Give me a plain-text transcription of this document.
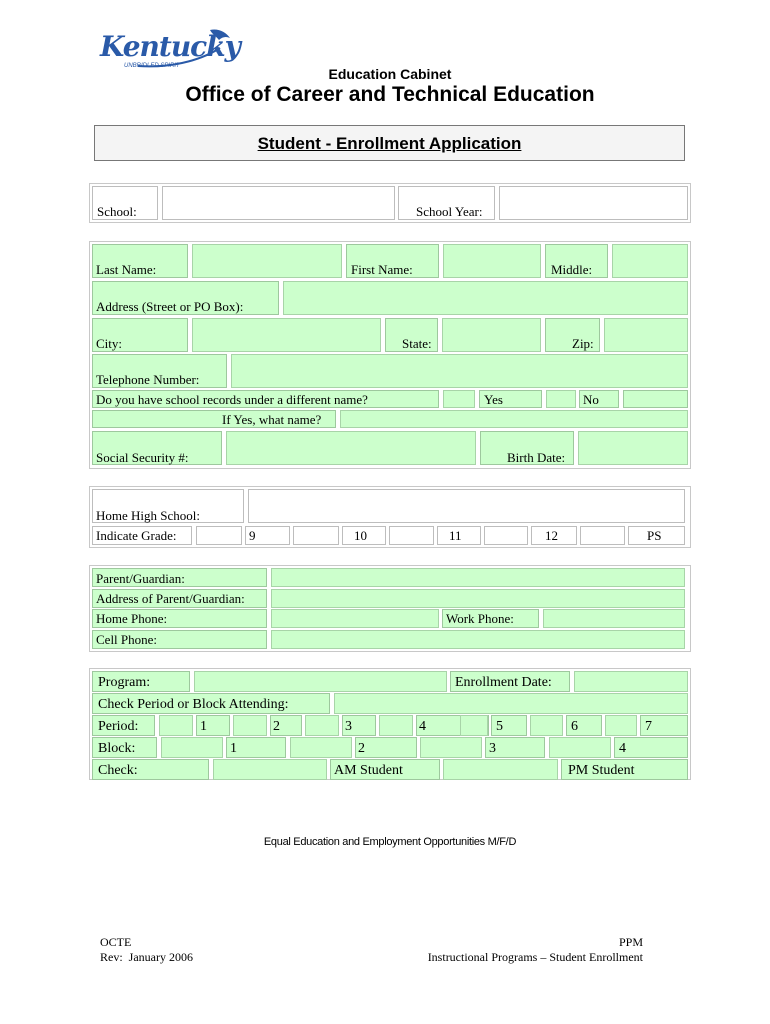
Kentucky
UNBRIDLED SPIRIT	Education Cabinet
Office of Career and Technical Education
Student - Enrollment Application
School:	School Year:
Last Name:	First Name:	Middle:
Address (Street or PO Box):
City:	State:	Zip:
Telephone Number:
Do you have school records under a different name?	Yes	No
If Yes, what name?
Social Security #:	Birth Date:
Home High School:
Indicate Grade:	9	10	11	12	PS
Parent/Guardian:
Address of Parent/Guardian:
Home Phone:	Work Phone:
Cell Phone:
Program:	Enrollment Date:
Check Period or Block Attending:
Period:	1	2	3	4	5	6	7
Block:	1	2	3	4
Check:	AM Student	PM Student
Equal Education and Employment Opportunities M/F/D
OCTE
Rev:  January 2006
PPM
Instructional Programs – Student Enrollment
